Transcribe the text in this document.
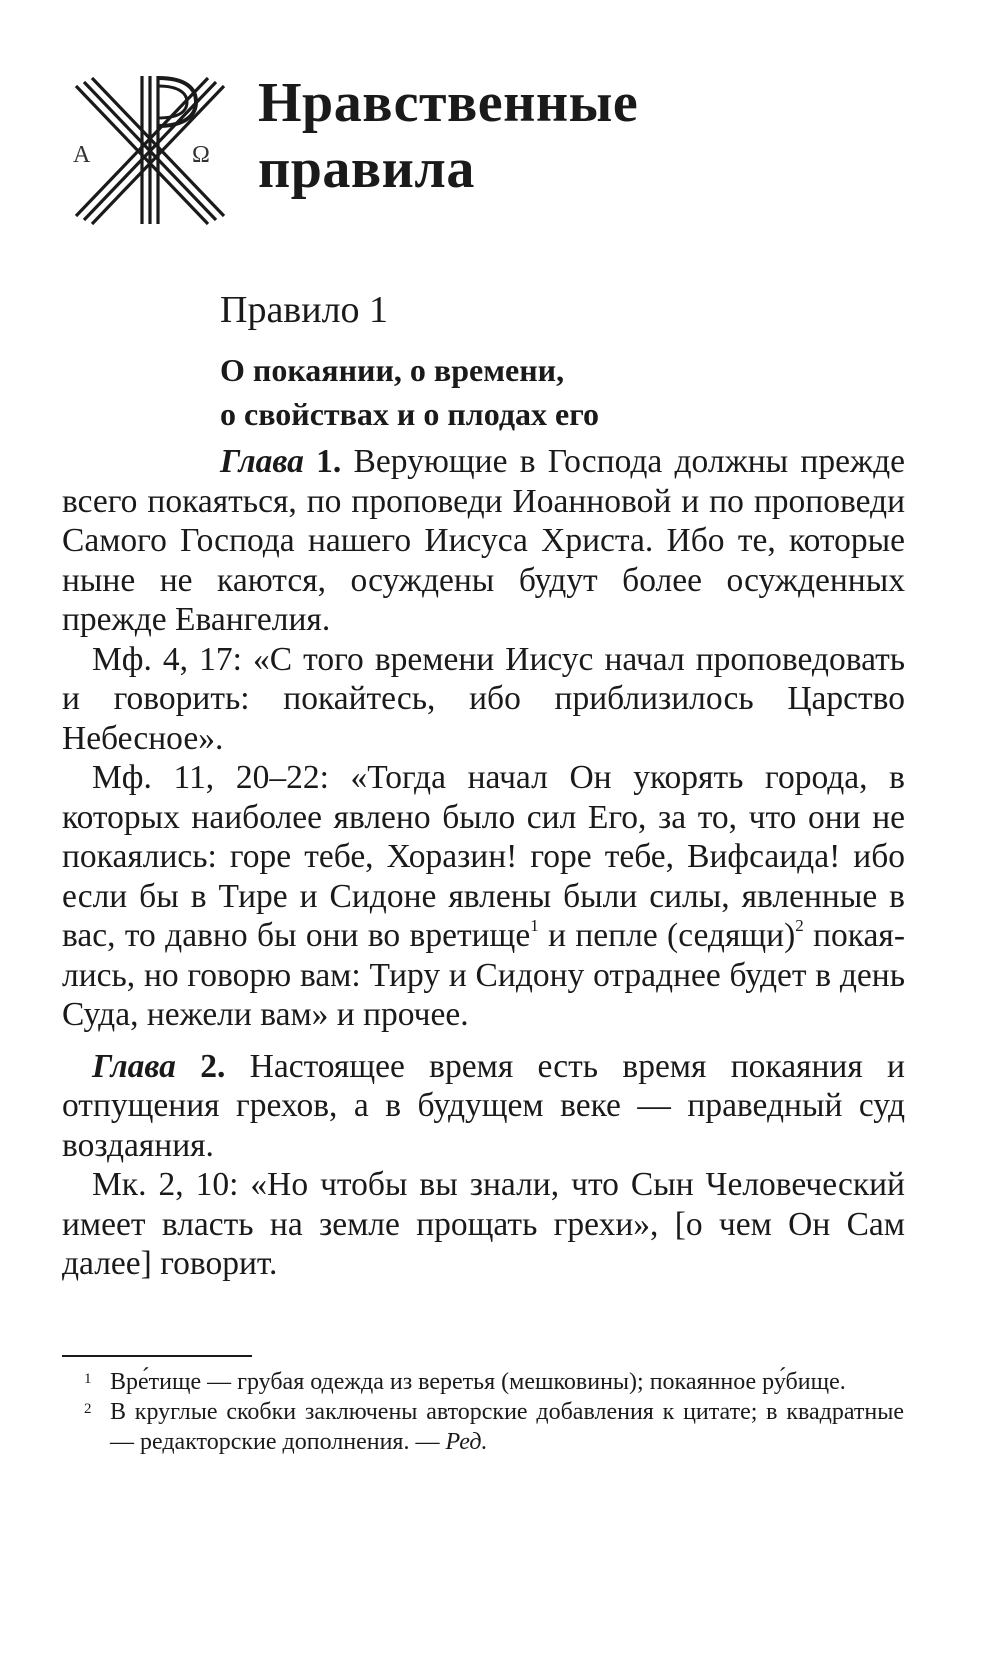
A	Ω
Нравственные
правила
Правило 1
О покаянии, о времени,
о свойствах и о плодах его

Глава 1. Верующие в Господа должны прежде всего покаяться, по проповеди Иоанновой и по проповеди Самого Господа нашего Иисуса Христа. Ибо те, которые ныне не каются, осуждены будут более осужденных прежде Евангелия.

Мф. 4, 17: «С того времени Иисус начал проповедовать и говорить: покайтесь, ибо приблизилось Царство Небесное».

Мф. 11, 20–22: «Тогда начал Он укорять города, в которых наиболее явлено было сил Его, за то, что они не покаялись: горе тебе, Хоразин! горе тебе, Вифсаида! ибо если бы в Тире и Сидоне явлены были силы, явленные в вас, то давно бы они во вретище$^1$ и пепле (седящи)$^2$ покаялись, но говорю вам: Тиру и Сидону отраднее будет в день Суда, нежели вам» и прочее.

Глава 2. Настоящее время есть время покаяния и отпущения грехов, а в будущем веке — праведный суд воздаяния.

Мк. 2, 10: «Но чтобы вы знали, что Сын Человеческий имеет власть на земле прощать грехи», [о чем Он Сам далее] говорит.

1 Вре́тище — грубая одежда из веретья (мешковины); покаянное ру́бище.

2 В круглые скобки заключены авторские добавления к цитате; в квадратные — редакторские дополнения. — Ред.
